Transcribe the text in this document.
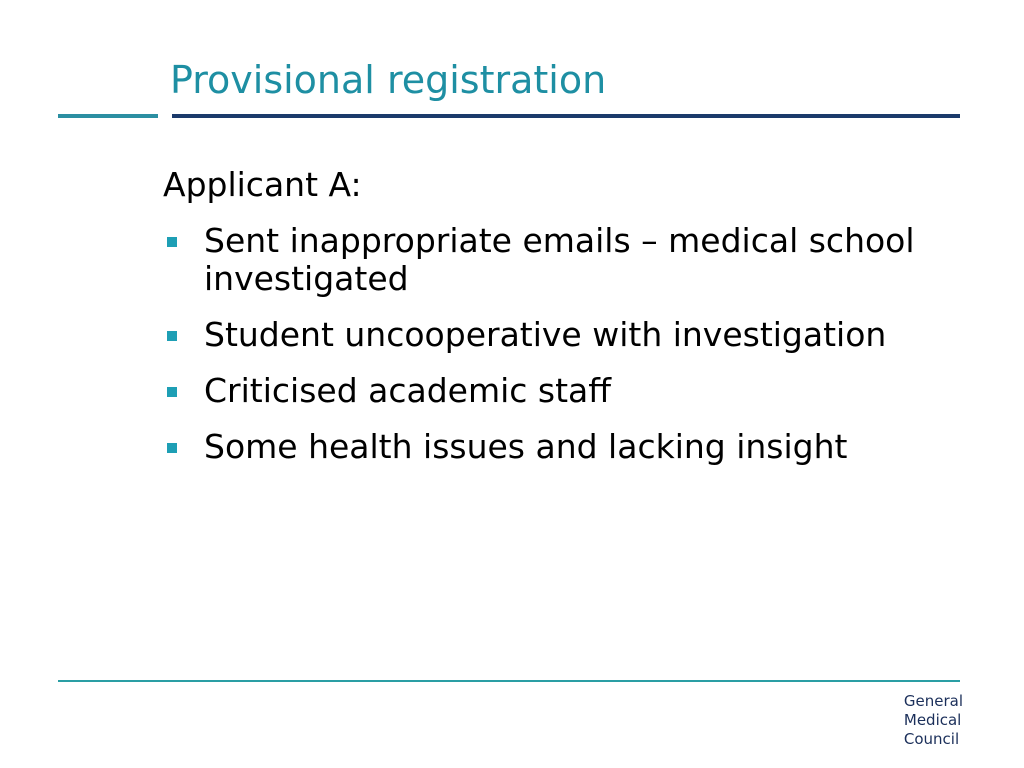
Provisional registration
Applicant A:
Sent inappropriate emails – medical school investigated
Student uncooperative with investigation
Criticised academic staff
Some health issues and lacking insight
General
Medical
Council
